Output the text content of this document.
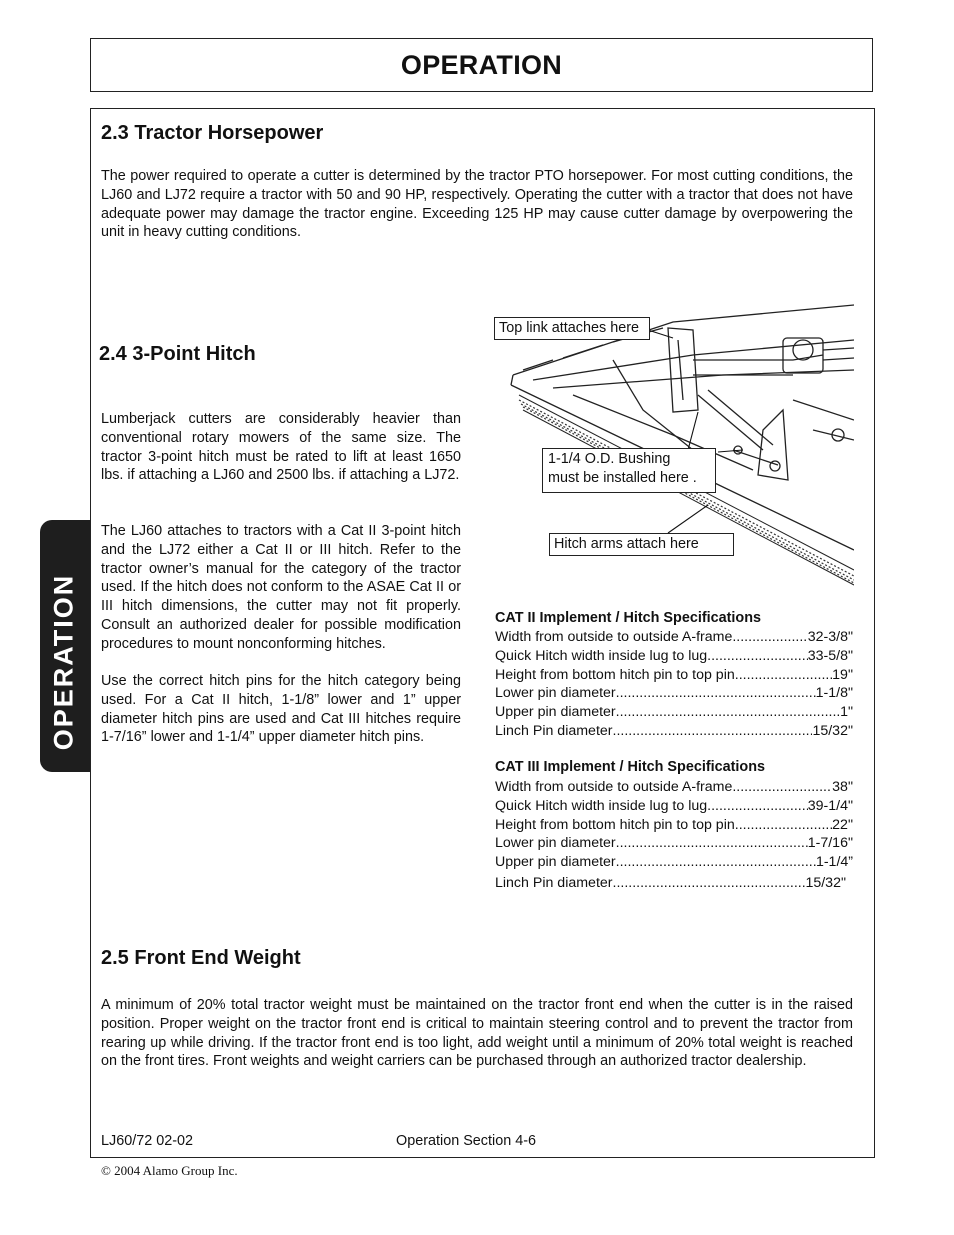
OPERATION
OPERATION
2.3 Tractor Horsepower

The power required to operate a cutter is determined by the tractor PTO horsepower. For most cutting conditions, the LJ60 and LJ72 require a tractor with 50 and 90 HP, respectively. Operating the cutter with a tractor that does not have adequate power may damage the tractor engine. Exceeding 125 HP may cause cutter damage by overpowering the unit in heavy cutting conditions.

2.4 3-Point Hitch

Lumberjack cutters are considerably heavier than conventional rotary mowers of the same size. The tractor 3-point hitch must be rated to lift at least 1650 lbs. if attaching a LJ60 and 2500 lbs. if attaching a LJ72.

The LJ60 attaches to tractors with a Cat II 3-point hitch and the LJ72 either a Cat II or III hitch. Refer to the tractor owner’s manual for the category of the tractor used. If the hitch does not conform to the ASAE Cat II or III hitch dimensions, the cutter may not fit properly. Consult an authorized dealer for possible modification procedures to mount nonconforming hitches.

Use the correct hitch pins for the hitch category being used. For a Cat II hitch, 1-1/8” lower and 1” upper diameter hitch pins are used and Cat III hitches require 1-7/16” lower and 1-1/4” upper diameter hitch pins.

Top link attaches here
1-1/4 O.D. Bushing
must be installed here .
Hitch arms attach here
CAT II Implement / Hitch Specifications
Width from outside to outside A-frame .....	32-3/8"
Quick Hitch width inside lug to lug .....	33-5/8"
Height from bottom hitch pin to top pin .....	19"
Lower pin diameter .....	1-1/8"
Upper pin diameter .....	1"
Linch Pin diameter .....	15/32"
CAT III Implement / Hitch Specifications
Width from outside to outside A-frame .....	38"
Quick Hitch width inside lug to lug .....	39-1/4"
Height from bottom hitch pin to top pin .....	22"
Lower pin diameter .....	1-7/16"
Upper pin diameter .....	1-1/4”
Linch Pin diameter .....	15/32"
2.5 Front End Weight

A minimum of 20% total tractor weight must be maintained on the tractor front end when the cutter is in the raised position. Proper weight on the tractor front end is critical to maintain steering control and to prevent the tractor from rearing up while driving. If the tractor front end is too light, add weight until a minimum of 20% total weight is reached on the front tires. Front weights and weight carriers can be purchased through an authorized tractor dealership.

LJ60/72 02-02	Operation Section 4-6
© 2004 Alamo Group Inc.
